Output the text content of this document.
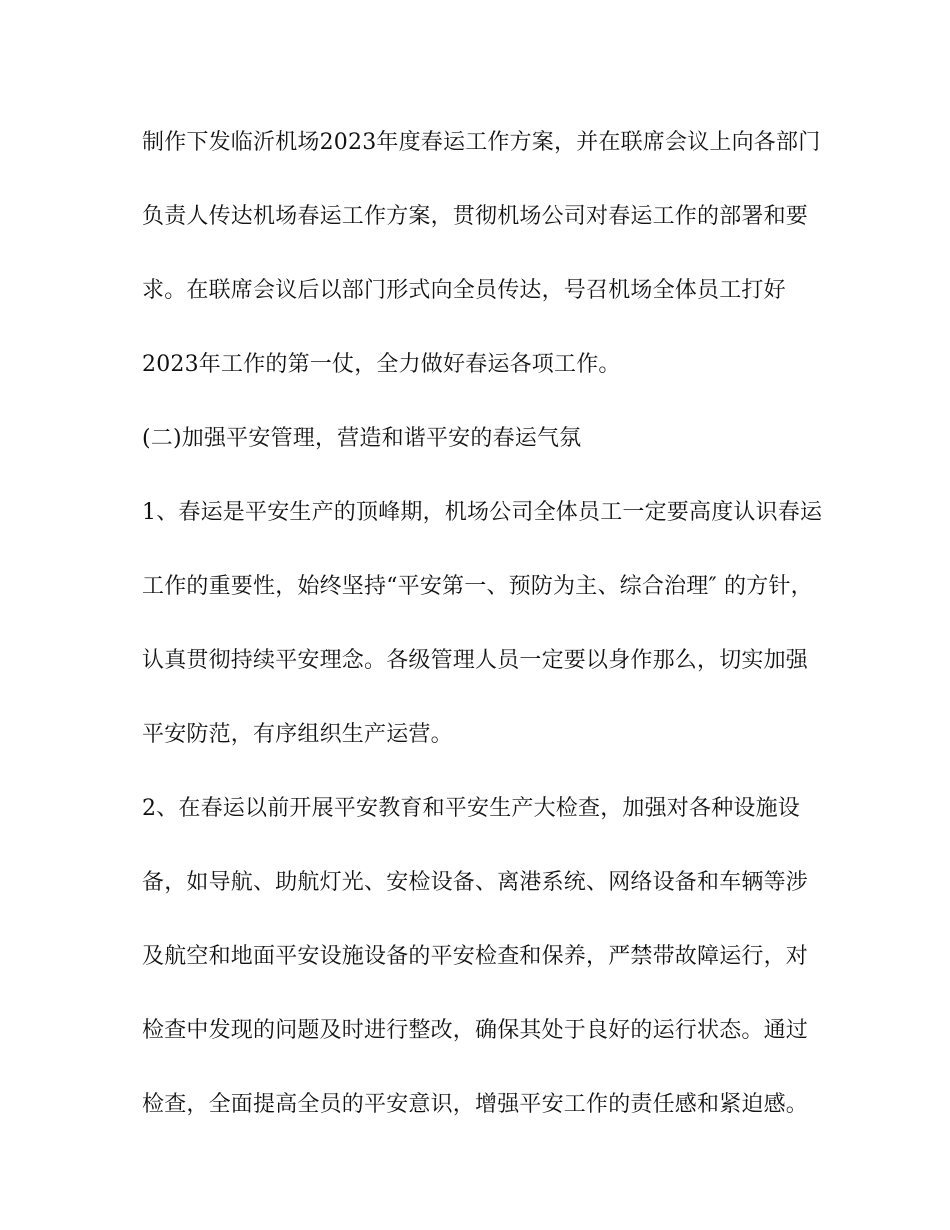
制作下发临沂机场2023年度春运工作方案，并在联席会议上向各部门
负责人传达机场春运工作方案，贯彻机场公司对春运工作的部署和要
求。在联席会议后以部门形式向全员传达，号召机场全体员工打好
2023年工作的第一仗，全力做好春运各项工作。
(二)加强平安管理，营造和谐平安的春运气氛
1、春运是平安生产的顶峰期，机场公司全体员工一定要高度认识春运
工作的重要性，始终坚持“平安第一、预防为主、综合治理″ 的方针，
认真贯彻持续平安理念。各级管理人员一定要以身作那么，切实加强
平安防范，有序组织生产运营。
2、在春运以前开展平安教育和平安生产大检查，加强对各种设施设
备，如导航、助航灯光、安检设备、离港系统、网络设备和车辆等涉
及航空和地面平安设施设备的平安检查和保养，严禁带故障运行，对
检查中发现的问题及时进行整改，确保其处于良好的运行状态。通过
检查，全面提高全员的平安意识，增强平安工作的责任感和紧迫感。
